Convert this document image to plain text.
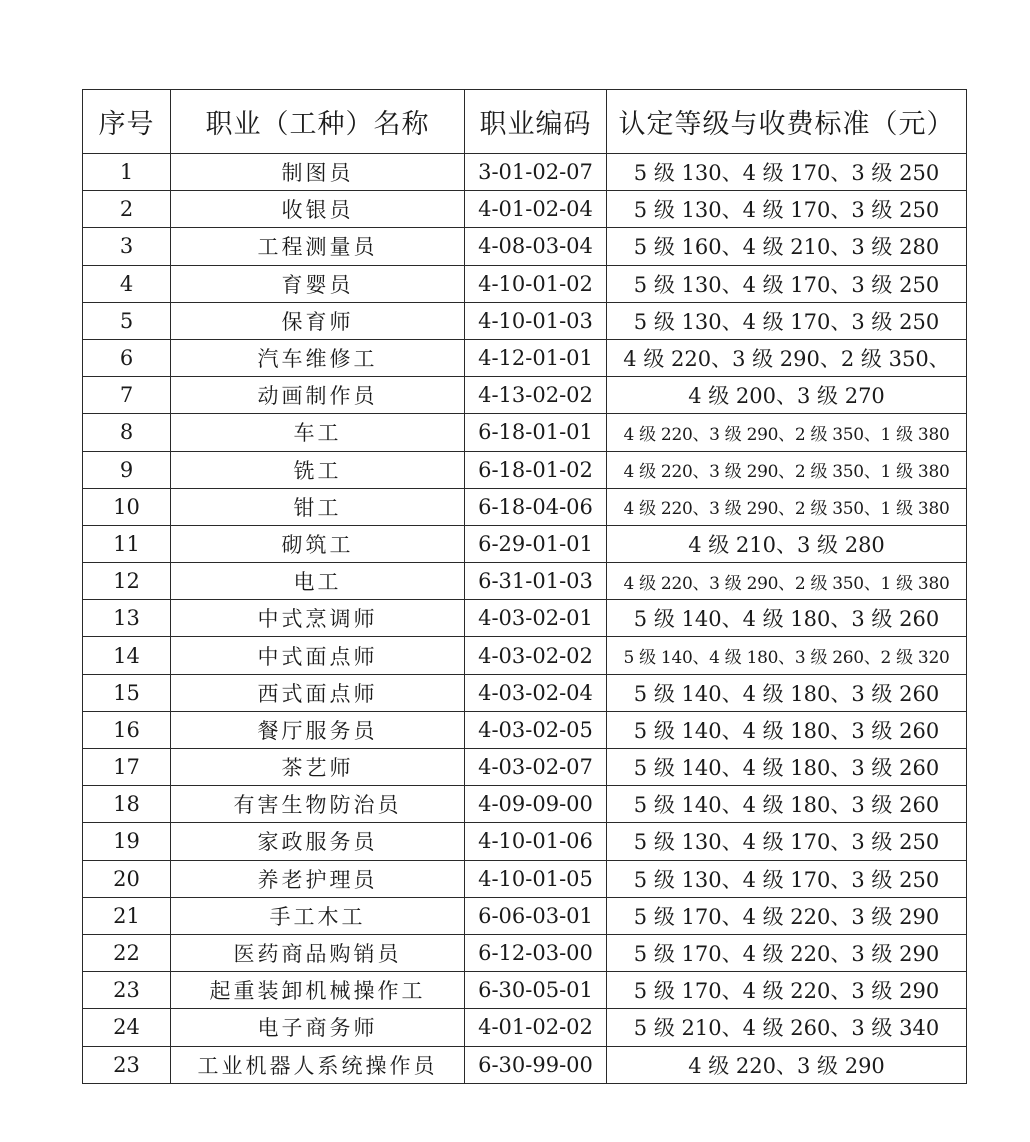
序号	职业（工种）名称	职业编码	认定等级与收费标准（元）
1	制图员	3-01-02-07	5 级 130、4 级 170、3 级 250
2	收银员	4-01-02-04	5 级 130、4 级 170、3 级 250
3	工程测量员	4-08-03-04	5 级 160、4 级 210、3 级 280
4	育婴员	4-10-01-02	5 级 130、4 级 170、3 级 250
5	保育师	4-10-01-03	5 级 130、4 级 170、3 级 250
6	汽车维修工	4-12-01-01	4 级 220、3 级 290、2 级 350、
7	动画制作员	4-13-02-02	4 级 200、3 级 270
8	车工	6-18-01-01	4 级 220、3 级 290、2 级 350、1 级 380
9	铣工	6-18-01-02	4 级 220、3 级 290、2 级 350、1 级 380
10	钳工	6-18-04-06	4 级 220、3 级 290、2 级 350、1 级 380
11	砌筑工	6-29-01-01	4 级 210、3 级 280
12	电工	6-31-01-03	4 级 220、3 级 290、2 级 350、1 级 380
13	中式烹调师	4-03-02-01	5 级 140、4 级 180、3 级 260
14	中式面点师	4-03-02-02	5 级 140、4 级 180、3 级 260、2 级 320
15	西式面点师	4-03-02-04	5 级 140、4 级 180、3 级 260
16	餐厅服务员	4-03-02-05	5 级 140、4 级 180、3 级 260
17	茶艺师	4-03-02-07	5 级 140、4 级 180、3 级 260
18	有害生物防治员	4-09-09-00	5 级 140、4 级 180、3 级 260
19	家政服务员	4-10-01-06	5 级 130、4 级 170、3 级 250
20	养老护理员	4-10-01-05	5 级 130、4 级 170、3 级 250
21	手工木工	6-06-03-01	5 级 170、4 级 220、3 级 290
22	医药商品购销员	6-12-03-00	5 级 170、4 级 220、3 级 290
23	起重装卸机械操作工	6-30-05-01	5 级 170、4 级 220、3 级 290
24	电子商务师	4-01-02-02	5 级 210、4 级 260、3 级 340
23	工业机器人系统操作员	6-30-99-00	4 级 220、3 级 290
